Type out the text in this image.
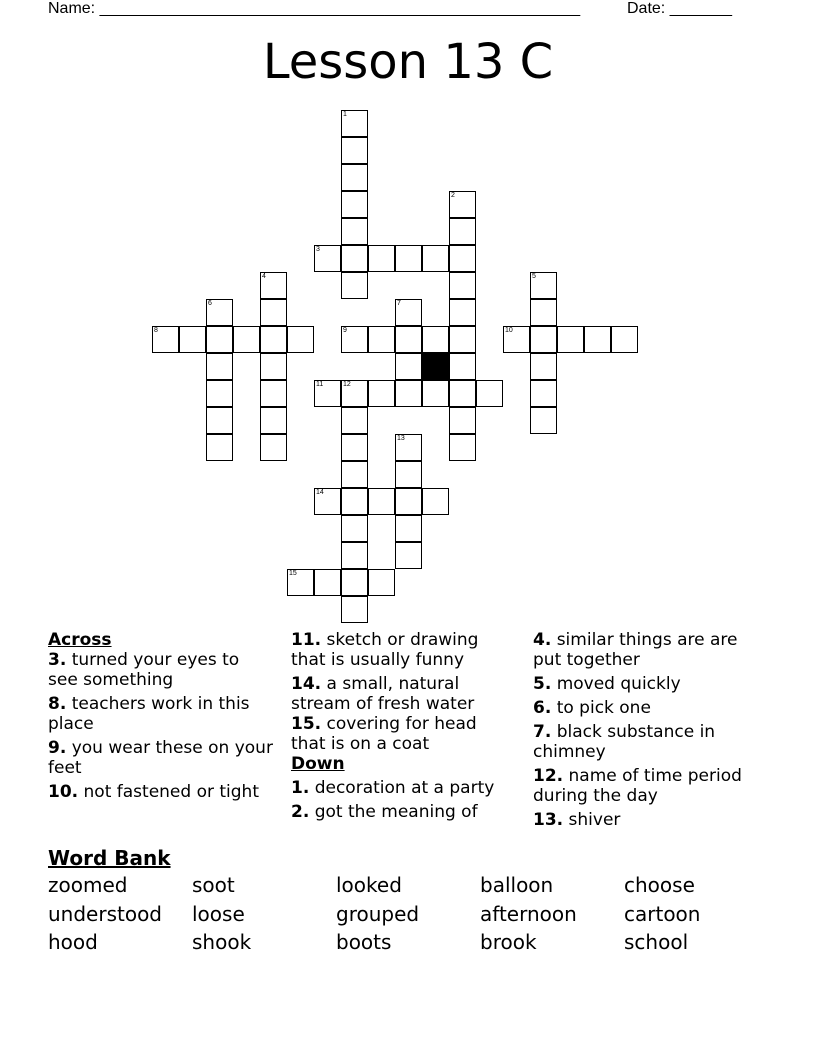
Name: ______________________________________________________	Date: _______
Lesson 13 C
1
2
4	5
6	7
12
13
3
8	9	10
11
14
15
Across
3. turned your eyes to see something
8. teachers work in this place
9. you wear these on your feet
10. not fastened or tight
11. sketch or drawing that is usually funny
14. a small, natural stream of fresh water
15. covering for head that is on a coat
Down
1. decoration at a party
2. got the meaning of
4. similar things are are put together
5. moved quickly
6. to pick one
7. black substance in chimney
12. name of time period during the day
13. shiver
Word Bank
zoomed	soot	looked	balloon	choose
understood loose	grouped	afternoon cartoon
hood	shook	boots	brook	school
